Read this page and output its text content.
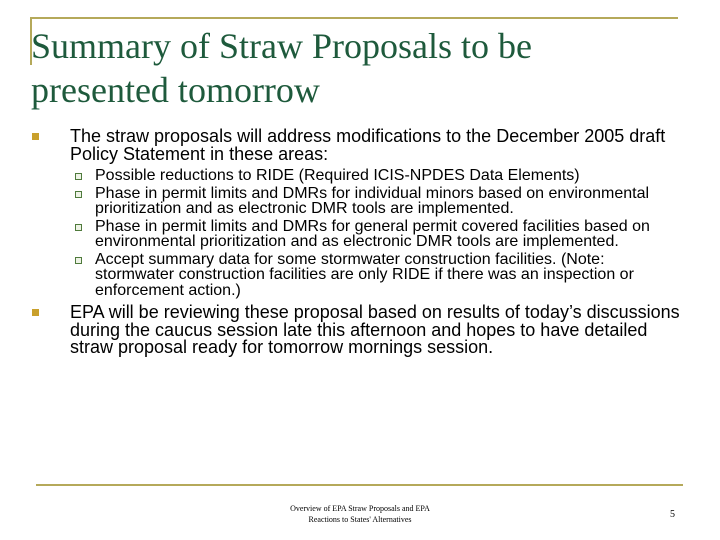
Summary of Straw Proposals to be presented tomorrow
The straw proposals will address modifications to the December 2005 draft Policy Statement in these areas:
Possible reductions to RIDE (Required ICIS-NPDES Data Elements)
Phase in permit limits and DMRs for individual minors based on environmental prioritization and as electronic DMR tools are implemented.
Phase in permit limits and DMRs for general permit covered facilities based on environmental prioritization and as electronic DMR tools are implemented.
Accept summary data for some stormwater construction facilities. (Note: stormwater construction facilities are only RIDE if there was an inspection or enforcement action.)
EPA will be reviewing these proposal based on results of today’s discussions during the caucus session late this afternoon and hopes to have detailed straw proposal ready for tomorrow mornings session.
Overview of EPA Straw Proposals and EPA
Reactions to States' Alternatives	5
